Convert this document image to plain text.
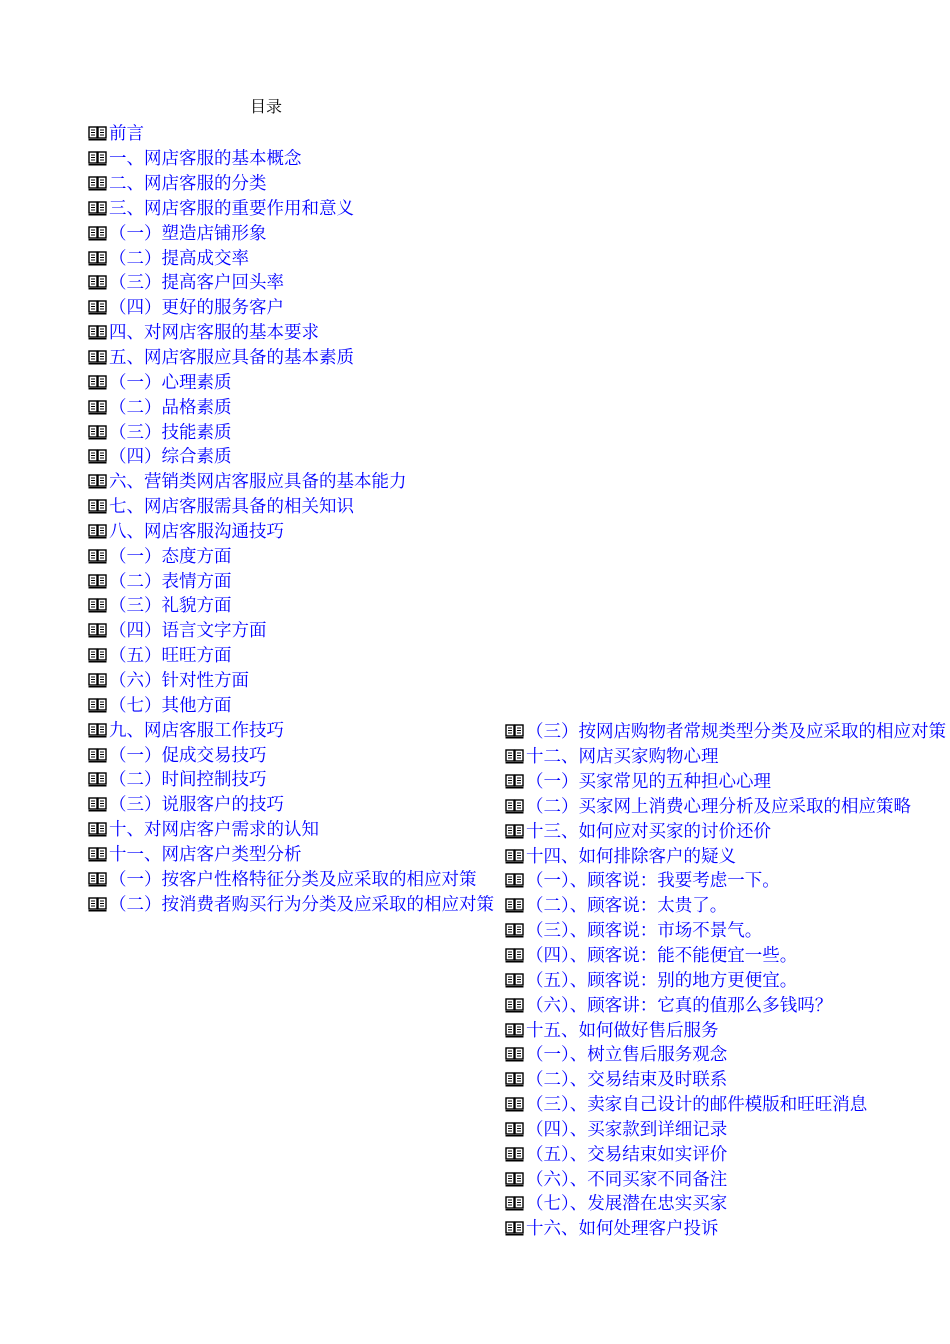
目录
前言
一、网店客服的基本概念
二、网店客服的分类
三、网店客服的重要作用和意义
（一）塑造店铺形象
（二）提高成交率
（三）提高客户回头率
（四）更好的服务客户
四、对网店客服的基本要求
五、网店客服应具备的基本素质
（一）心理素质
（二）品格素质
（三）技能素质
（四）综合素质
六、营销类网店客服应具备的基本能力
七、网店客服需具备的相关知识
八、网店客服沟通技巧
（一）态度方面
（二）表情方面
（三）礼貌方面
（四）语言文字方面
（五）旺旺方面
（六）针对性方面
（七）其他方面
九、网店客服工作技巧
（一）促成交易技巧
（二）时间控制技巧
（三）说服客户的技巧
十、对网店客户需求的认知
十一、网店客户类型分析
（一）按客户性格特征分类及应采取的相应对策
（二）按消费者购买行为分类及应采取的相应对策
（三）按网店购物者常规类型分类及应采取的相应对策
十二、网店买家购物心理
（一）买家常见的五种担心心理
（二）买家网上消费心理分析及应采取的相应策略
十三、如何应对买家的讨价还价
十四、如何排除客户的疑义
（一）、顾客说：我要考虑一下。
（二）、顾客说：太贵了。
（三）、顾客说：市场不景气。
（四）、顾客说：能不能便宜一些。
（五）、顾客说：别的地方更便宜。
（六）、顾客讲：它真的值那么多钱吗？
十五、如何做好售后服务
（一）、树立售后服务观念
（二）、交易结束及时联系
（三）、卖家自己设计的邮件模版和旺旺消息
（四）、买家款到详细记录
（五）、交易结束如实评价
（六）、不同买家不同备注
（七）、发展潜在忠实买家
十六、如何处理客户投诉
